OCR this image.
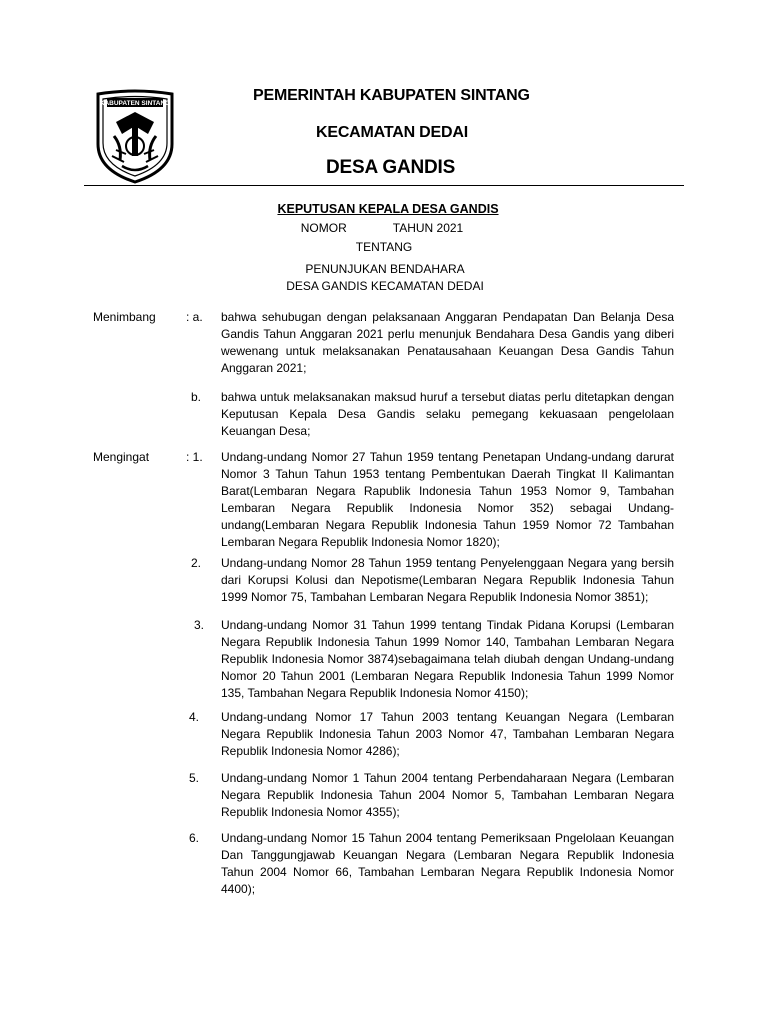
KABUPATEN SINTANG	PEMERINTAH KABUPATEN SINTANG
KECAMATAN DEDAI
DESA GANDIS
KEPUTUSAN KEPALA DESA GANDIS
NOMOR	TAHUN 2021
TENTANG
PENUNJUKAN BENDAHARA
DESA GANDIS KECAMATAN DEDAI
Menimbang	: a. bahwa sehubugan dengan pelaksanaan Anggaran Pendapatan Dan Belanja Desa Gandis Tahun Anggaran 2021 perlu menunjuk Bendahara Desa Gandis yang diberi wewenang untuk melaksanakan Penatausahaan Keuangan Desa Gandis Tahun Anggaran 2021;

b. bahwa untuk melaksanakan maksud huruf a tersebut diatas perlu ditetapkan dengan Keputusan Kepala Desa Gandis selaku pemegang kekuasaan pengelolaan Keuangan Desa;

Mengingat	: 1. Undang-undang Nomor 27 Tahun 1959 tentang Penetapan Undang-undang darurat Nomor 3 Tahun Tahun 1953 tentang Pembentukan Daerah Tingkat II Kalimantan Barat(Lembaran Negara Rapublik Indonesia Tahun 1953 Nomor 9, Tambahan Lembaran Negara Republik Indonesia Nomor 352) sebagai Undang-undang(Lembaran Negara Republik Indonesia Tahun 1959 Nomor 72 Tambahan Lembaran Negara Republik Indonesia Nomor 1820);

2. Undang-undang Nomor 28 Tahun 1959 tentang Penyelenggaan Negara yang bersih dari Korupsi Kolusi dan Nepotisme(Lembaran Negara Republik Indonesia Tahun 1999 Nomor 75, Tambahan Lembaran Negara Republik Indonesia Nomor 3851);

3. Undang-undang Nomor 31 Tahun 1999 tentang Tindak Pidana Korupsi (Lembaran Negara Republik Indonesia Tahun 1999 Nomor 140, Tambahan Lembaran Negara Republik Indonesia Nomor 3874)sebagaimana telah diubah dengan Undang-undang Nomor 20 Tahun 2001 (Lembaran Negara Republik Indonesia Tahun 1999 Nomor 135, Tambahan Negara Republik Indonesia Nomor 4150);

4. Undang-undang Nomor 17 Tahun 2003 tentang Keuangan Negara (Lembaran Negara Republik Indonesia Tahun 2003 Nomor 47, Tambahan Lembaran Negara Republik Indonesia Nomor 4286);

5. Undang-undang Nomor 1 Tahun 2004 tentang Perbendaharaan Negara (Lembaran Negara Republik Indonesia Tahun 2004 Nomor 5, Tambahan Lembaran Negara Republik Indonesia Nomor 4355);

6. Undang-undang Nomor 15 Tahun 2004 tentang Pemeriksaan Pngelolaan Keuangan Dan Tanggungjawab Keuangan Negara (Lembaran Negara Republik Indonesia Tahun 2004 Nomor 66, Tambahan Lembaran Negara Republik Indonesia Nomor 4400);
